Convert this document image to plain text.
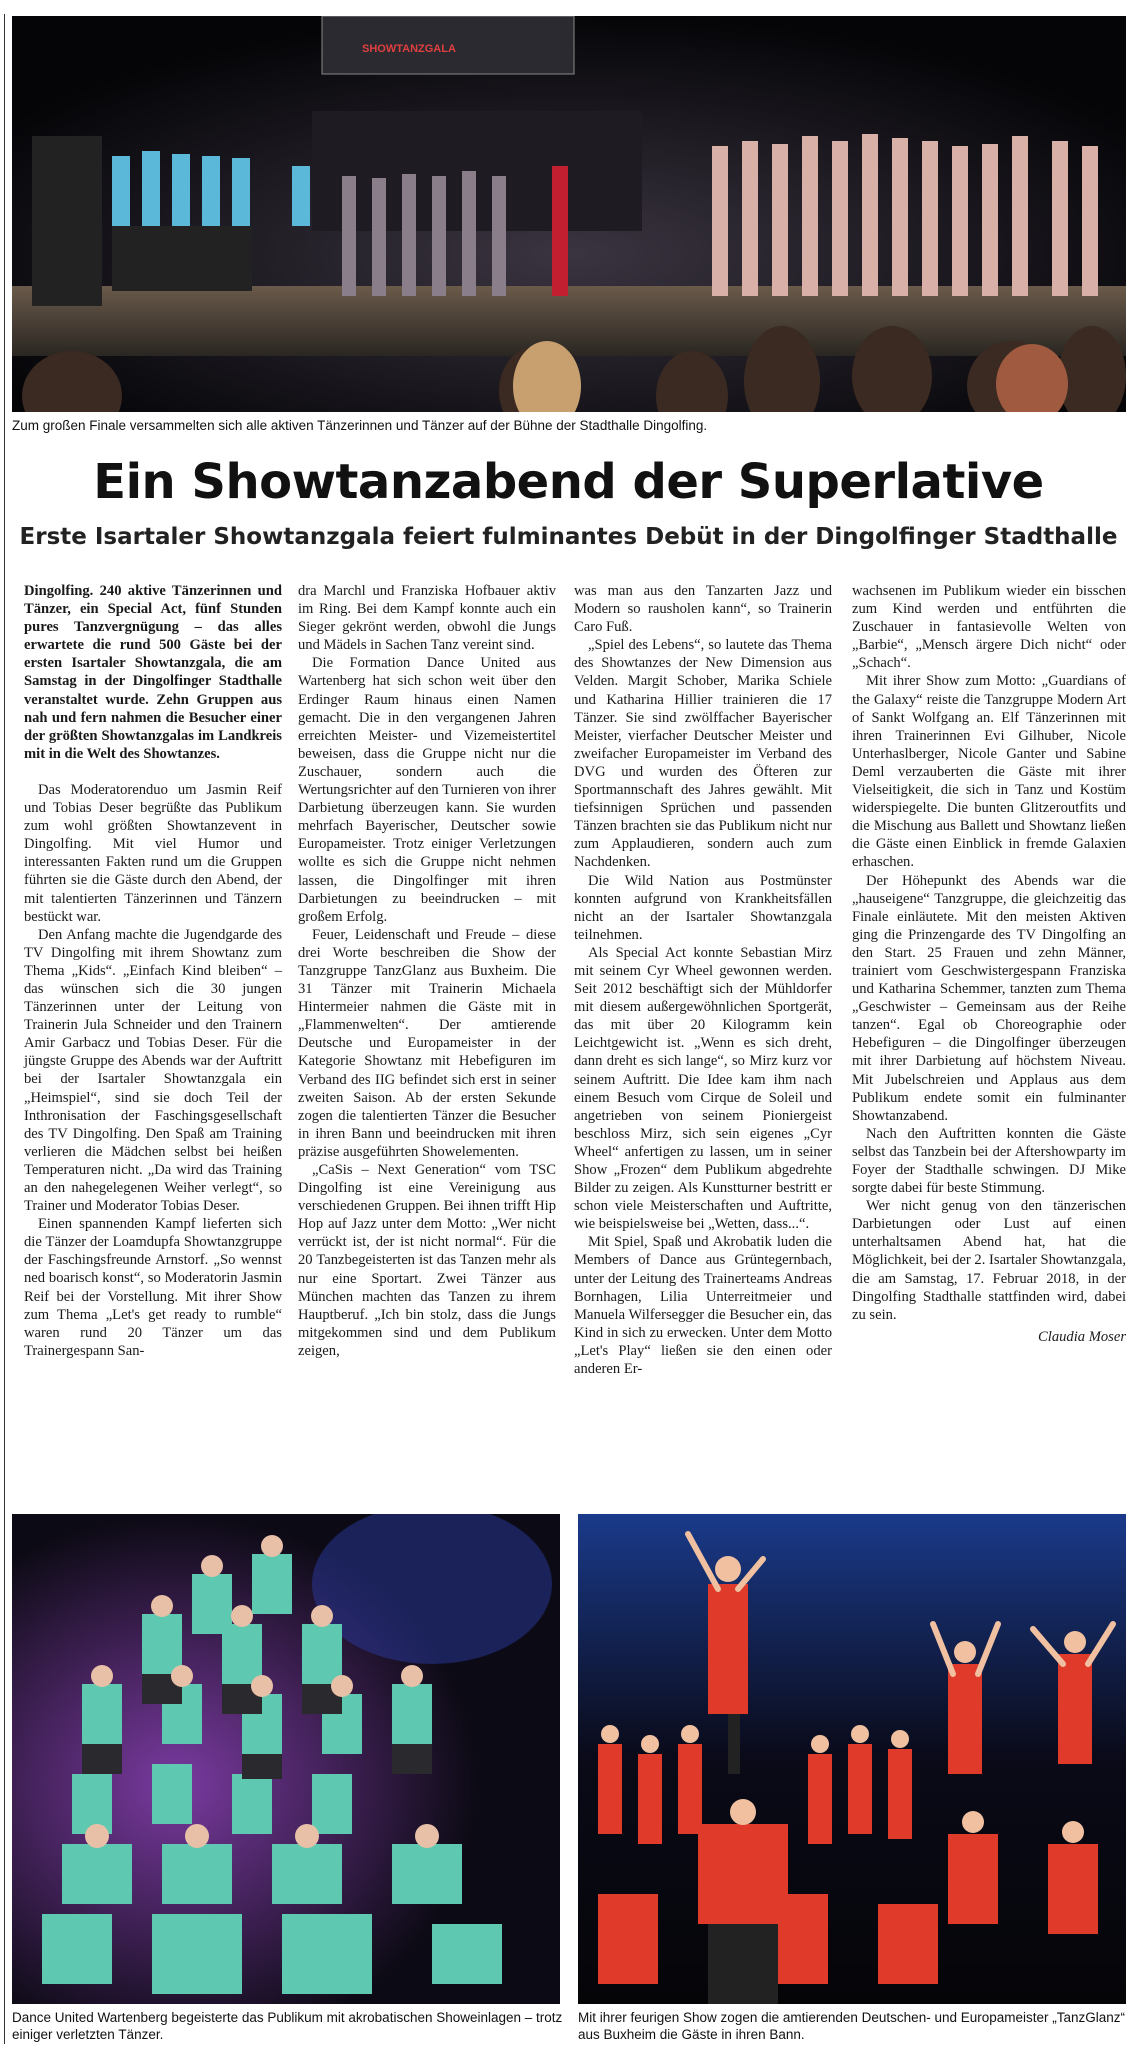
SHOWTANZGALA
Zum großen Finale versammelten sich alle aktiven Tänzerinnen und Tänzer auf der Bühne der Stadthalle Dingolfing.
Ein Showtanzabend der Superlative
Erste Isartaler Showtanzgala feiert fulminantes Debüt in der Dingolfinger Stadthalle

Dingolfing. 240 aktive Tänzerinnen und Tänzer, ein Special Act, fünf Stunden pures Tanzvergnügung – das alles erwartete die rund 500 Gäste bei der ersten Isartaler Showtanzgala, die am Samstag in der Dingolfinger Stadthalle veranstaltet wurde. Zehn Gruppen aus nah und fern nahmen die Besucher einer der größten Showtanzgalas im Landkreis mit in die Welt des Showtanzes.

Das Moderatorenduo um Jasmin Reif und Tobias Deser begrüßte das Publikum zum wohl größten Showtanzevent in Dingolfing. Mit viel Humor und interessanten Fakten rund um die Gruppen führten sie die Gäste durch den Abend, der mit talentierten Tänzerinnen und Tänzern bestückt war.

Den Anfang machte die Jugendgarde des TV Dingolfing mit ihrem Showtanz zum Thema „Kids“. „Einfach Kind bleiben“ – das wünschen sich die 30 jungen Tänzerinnen unter der Leitung von Trainerin Jula Schneider und den Trainern Amir Garbacz und Tobias Deser. Für die jüngste Gruppe des Abends war der Auftritt bei der Isartaler Showtanzgala ein „Heimspiel“, sind sie doch Teil der Inthronisation der Faschingsgesellschaft des TV Dingolfing. Den Spaß am Training verlieren die Mädchen selbst bei heißen Temperaturen nicht. „Da wird das Training an den nahegelegenen Weiher verlegt“, so Trainer und Moderator Tobias Deser.

Einen spannenden Kampf lieferten sich die Tänzer der Loamdupfa Showtanzgruppe der Faschingsfreunde Arnstorf. „So wennst ned boarisch konst“, so Moderatorin Jasmin Reif bei der Vorstellung. Mit ihrer Show zum Thema „Let's get ready to rumble“ waren rund 20 Tänzer um das Trainergespann San-

dra Marchl und Franziska Hofbauer aktiv im Ring. Bei dem Kampf konnte auch ein Sieger gekrönt werden, obwohl die Jungs und Mädels in Sachen Tanz vereint sind.

Die Formation Dance United aus Wartenberg hat sich schon weit über den Erdinger Raum hinaus einen Namen gemacht. Die in den vergangenen Jahren erreichten Meister- und Vizemeistertitel beweisen, dass die Gruppe nicht nur die Zuschauer, sondern auch die Wertungsrichter auf den Turnieren von ihrer Darbietung überzeugen kann. Sie wurden mehrfach Bayerischer, Deutscher sowie Europameister. Trotz einiger Verletzungen wollte es sich die Gruppe nicht nehmen lassen, die Dingolfinger mit ihren Darbietungen zu beeindrucken – mit großem Erfolg.

Feuer, Leidenschaft und Freude – diese drei Worte beschreiben die Show der Tanzgruppe TanzGlanz aus Buxheim. Die 31 Tänzer mit Trainerin Michaela Hintermeier nahmen die Gäste mit in „Flammenwelten“. Der amtierende Deutsche und Europameister in der Kategorie Showtanz mit Hebefiguren im Verband des IIG befindet sich erst in seiner zweiten Saison. Ab der ersten Sekunde zogen die talentierten Tänzer die Besucher in ihren Bann und beeindrucken mit ihren präzise ausgeführten Showelementen.

„CaSis – Next Generation“ vom TSC Dingolfing ist eine Vereinigung aus verschiedenen Gruppen. Bei ihnen trifft Hip Hop auf Jazz unter dem Motto: „Wer nicht verrückt ist, der ist nicht normal“. Für die 20 Tanzbegeisterten ist das Tanzen mehr als nur eine Sportart. Zwei Tänzer aus München machten das Tanzen zu ihrem Hauptberuf. „Ich bin stolz, dass die Jungs mitgekommen sind und dem Publikum zeigen,

was man aus den Tanzarten Jazz und Modern so rausholen kann“, so Trainerin Caro Fuß.

„Spiel des Lebens“, so lautete das Thema des Showtanzes der New Dimension aus Velden. Margit Schober, Marika Schiele und Katharina Hillier trainieren die 17 Tänzer. Sie sind zwölffacher Bayerischer Meister, vierfacher Deutscher Meister und zweifacher Europameister im Verband des DVG und wurden des Öfteren zur Sportmannschaft des Jahres gewählt. Mit tiefsinnigen Sprüchen und passenden Tänzen brachten sie das Publikum nicht nur zum Applaudieren, sondern auch zum Nachdenken.

Die Wild Nation aus Postmünster konnten aufgrund von Krankheitsfällen nicht an der Isartaler Showtanzgala teilnehmen.

Als Special Act konnte Sebastian Mirz mit seinem Cyr Wheel gewonnen werden. Seit 2012 beschäftigt sich der Mühldorfer mit diesem außergewöhnlichen Sportgerät, das mit über 20 Kilogramm kein Leichtgewicht ist. „Wenn es sich dreht, dann dreht es sich lange“, so Mirz kurz vor seinem Auftritt. Die Idee kam ihm nach einem Besuch vom Cirque de Soleil und angetrieben von seinem Pioniergeist beschloss Mirz, sich sein eigenes „Cyr Wheel“ anfertigen zu lassen, um in seiner Show „Frozen“ dem Publikum abgedrehte Bilder zu zeigen. Als Kunstturner bestritt er schon viele Meisterschaften und Auftritte, wie beispielsweise bei „Wetten, dass...“.

Mit Spiel, Spaß und Akrobatik luden die Members of Dance aus Grüntegernbach, unter der Leitung des Trainerteams Andreas Bornhagen, Lilia Unterreitmeier und Manuela Wilfersegger die Besucher ein, das Kind in sich zu erwecken. Unter dem Motto „Let's Play“ ließen sie den einen oder anderen Er-

wachsenen im Publikum wieder ein bisschen zum Kind werden und entführten die Zuschauer in fantasievolle Welten von „Barbie“, „Mensch ärgere Dich nicht“ oder „Schach“.

Mit ihrer Show zum Motto: „Guardians of the Galaxy“ reiste die Tanzgruppe Modern Art of Sankt Wolfgang an. Elf Tänzerinnen mit ihren Trainerinnen Evi Gilhuber, Nicole Unterhaslberger, Nicole Ganter und Sabine Deml verzauberten die Gäste mit ihrer Vielseitigkeit, die sich in Tanz und Kostüm widerspiegelte. Die bunten Glitzeroutfits und die Mischung aus Ballett und Showtanz ließen die Gäste einen Einblick in fremde Galaxien erhaschen.

Der Höhepunkt des Abends war die „hauseigene“ Tanzgruppe, die gleichzeitig das Finale einläutete. Mit den meisten Aktiven ging die Prinzengarde des TV Dingolfing an den Start. 25 Frauen und zehn Männer, trainiert vom Geschwistergespann Franziska und Katharina Schemmer, tanzten zum Thema „Geschwister – Gemeinsam aus der Reihe tanzen“. Egal ob Choreographie oder Hebefiguren – die Dingolfinger überzeugen mit ihrer Darbietung auf höchstem Niveau. Mit Jubelschreien und Applaus aus dem Publikum endete somit ein fulminanter Showtanzabend.

Nach den Auftritten konnten die Gäste selbst das Tanzbein bei der Aftershowparty im Foyer der Stadthalle schwingen. DJ Mike sorgte dabei für beste Stimmung.

Wer nicht genug von den tänzerischen Darbietungen oder Lust auf einen unterhaltsamen Abend hat, hat die Möglichkeit, bei der 2. Isartaler Showtanzgala, die am Samstag, 17. Februar 2018, in der Dingolfing Stadthalle stattfinden wird, dabei zu sein.

Claudia Moser

Dance United Wartenberg begeisterte das Publikum mit akrobatischen Showeinlagen – trotz einiger verletzten Tänzer.
Mit ihrer feurigen Show zogen die amtierenden Deutschen- und Europameister „TanzGlanz“ aus Buxheim die Gäste in ihren Bann.
